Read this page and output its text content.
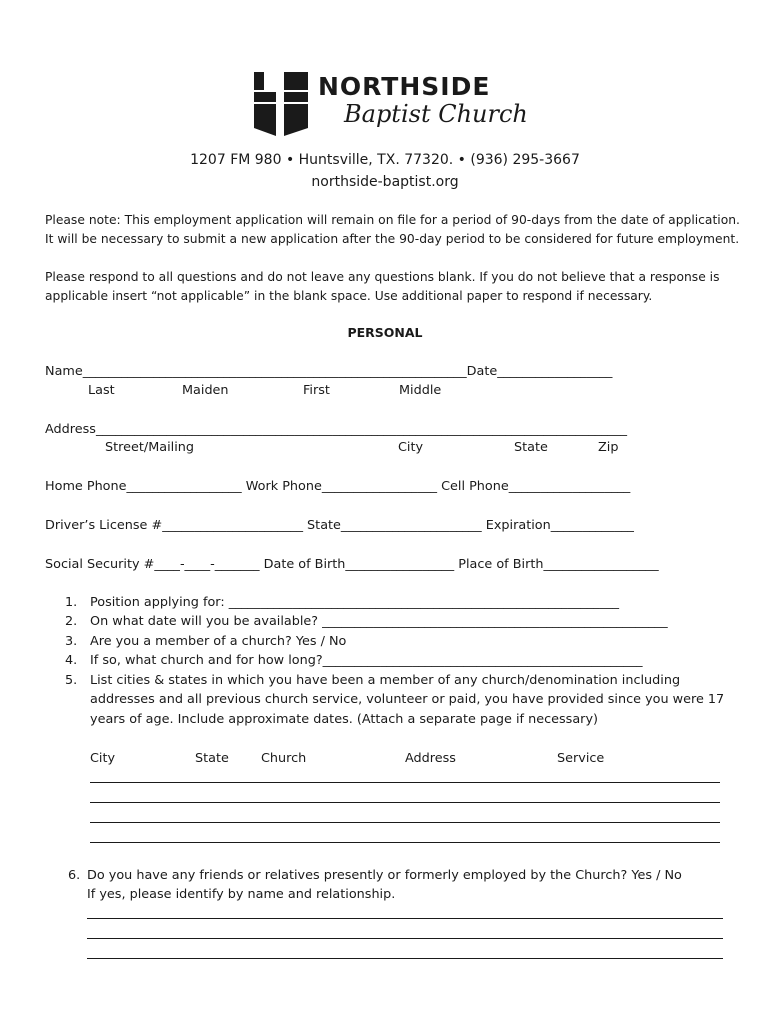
NORTHSIDE
Baptist Church
1207 FM 980 • Huntsville, TX. 77320. • (936) 295-3667
northside-baptist.org
Please note: This employment application will remain on file for a period of 90-days from the date of application.
It will be necessary to submit a new application after the 90-day period to be considered for future employment.
Please respond to all questions and do not leave any questions blank. If you do not believe that a response is
applicable insert “not applicable” in the blank space. Use additional paper to respond if necessary.
PERSONAL
Name____________________________________________________________Date__________________
Last	Maiden	First	Middle
Address___________________________________________________________________________________
Street/Mailing	City	State	Zip
Home Phone__________________ Work Phone__________________ Cell Phone___________________
Driver’s License #______________________ State______________________ Expiration_____________
Social Security #____-____-_______ Date of Birth_________________ Place of Birth__________________
1. Position applying for: _____________________________________________________________
2. On what date will you be available? ______________________________________________________
3. Are you a member of a church? Yes / No
4. If so, what church and for how long?__________________________________________________
5. List cities & states in which you have been a member of any church/denomination including
addresses and all previous church service, volunteer or paid, you have provided since you were 17
years of age. Include approximate dates. (Attach a separate page if necessary)
City	State	Church	Address	Service
6. Do you have any friends or relatives presently or formerly employed by the Church? Yes / No
If yes, please identify by name and relationship.
